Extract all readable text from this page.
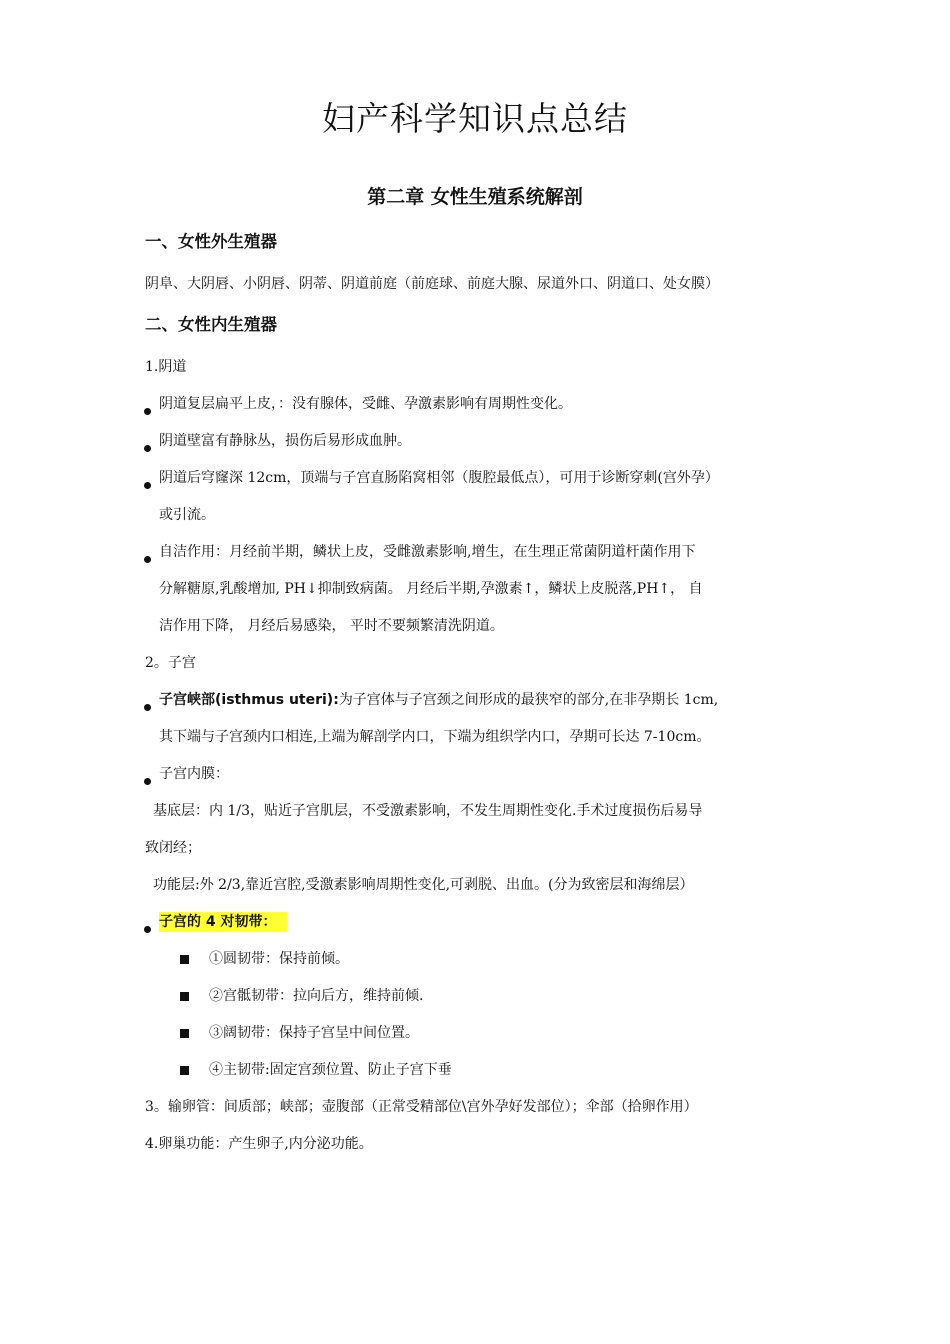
妇产科学知识点总结
第二章 女性生殖系统解剖
一、女性外生殖器
阴阜、大阴唇、小阴唇、阴蒂、阴道前庭（前庭球、前庭大腺、尿道外口、阴道口、处女膜）
二、女性内生殖器
1.阴道
阴道复层扁平上皮，：没有腺体，受雌、孕激素影响有周期性变化。
阴道壁富有静脉丛，损伤后易形成血肿。
阴道后穹窿深 12cm，顶端与子宫直肠陷窝相邻（腹腔最低点），可用于诊断穿刺(宫外孕）
或引流。
自洁作用：月经前半期，鳞状上皮，受雌激素影响,增生，在生理正常菌阴道杆菌作用下
分解糖原,乳酸增加, PH↓抑制致病菌。 月经后半期,孕激素↑，鳞状上皮脱落,PH↑， 自
洁作用下降， 月经后易感染， 平时不要频繁清洗阴道。
2。子宫
子宫峡部(isthmus uteri):为子宫体与子宫颈之间形成的最狭窄的部分,在非孕期长 1cm,
其下端与子宫颈内口相连,上端为解剖学内口，下端为组织学内口，孕期可长达 7-10cm。
子宫内膜：
基底层：内 1/3，贴近子宫肌层，不受激素影响，不发生周期性变化.手术过度损伤后易导
致闭经；
功能层:外 2/3,靠近宫腔,受激素影响周期性变化,可剥脱、出血。(分为致密层和海绵层）
子宫的 4 对韧带：
①圆韧带：保持前倾。
②宫骶韧带：拉向后方，维持前倾.
③阔韧带：保持子宫呈中间位置。
④主韧带:固定宫颈位置、防止子宫下垂
3。输卵管：间质部；峡部；壶腹部（正常受精部位\宫外孕好发部位）；伞部（拾卵作用）
4.卵巢功能：产生卵子,内分泌功能。
